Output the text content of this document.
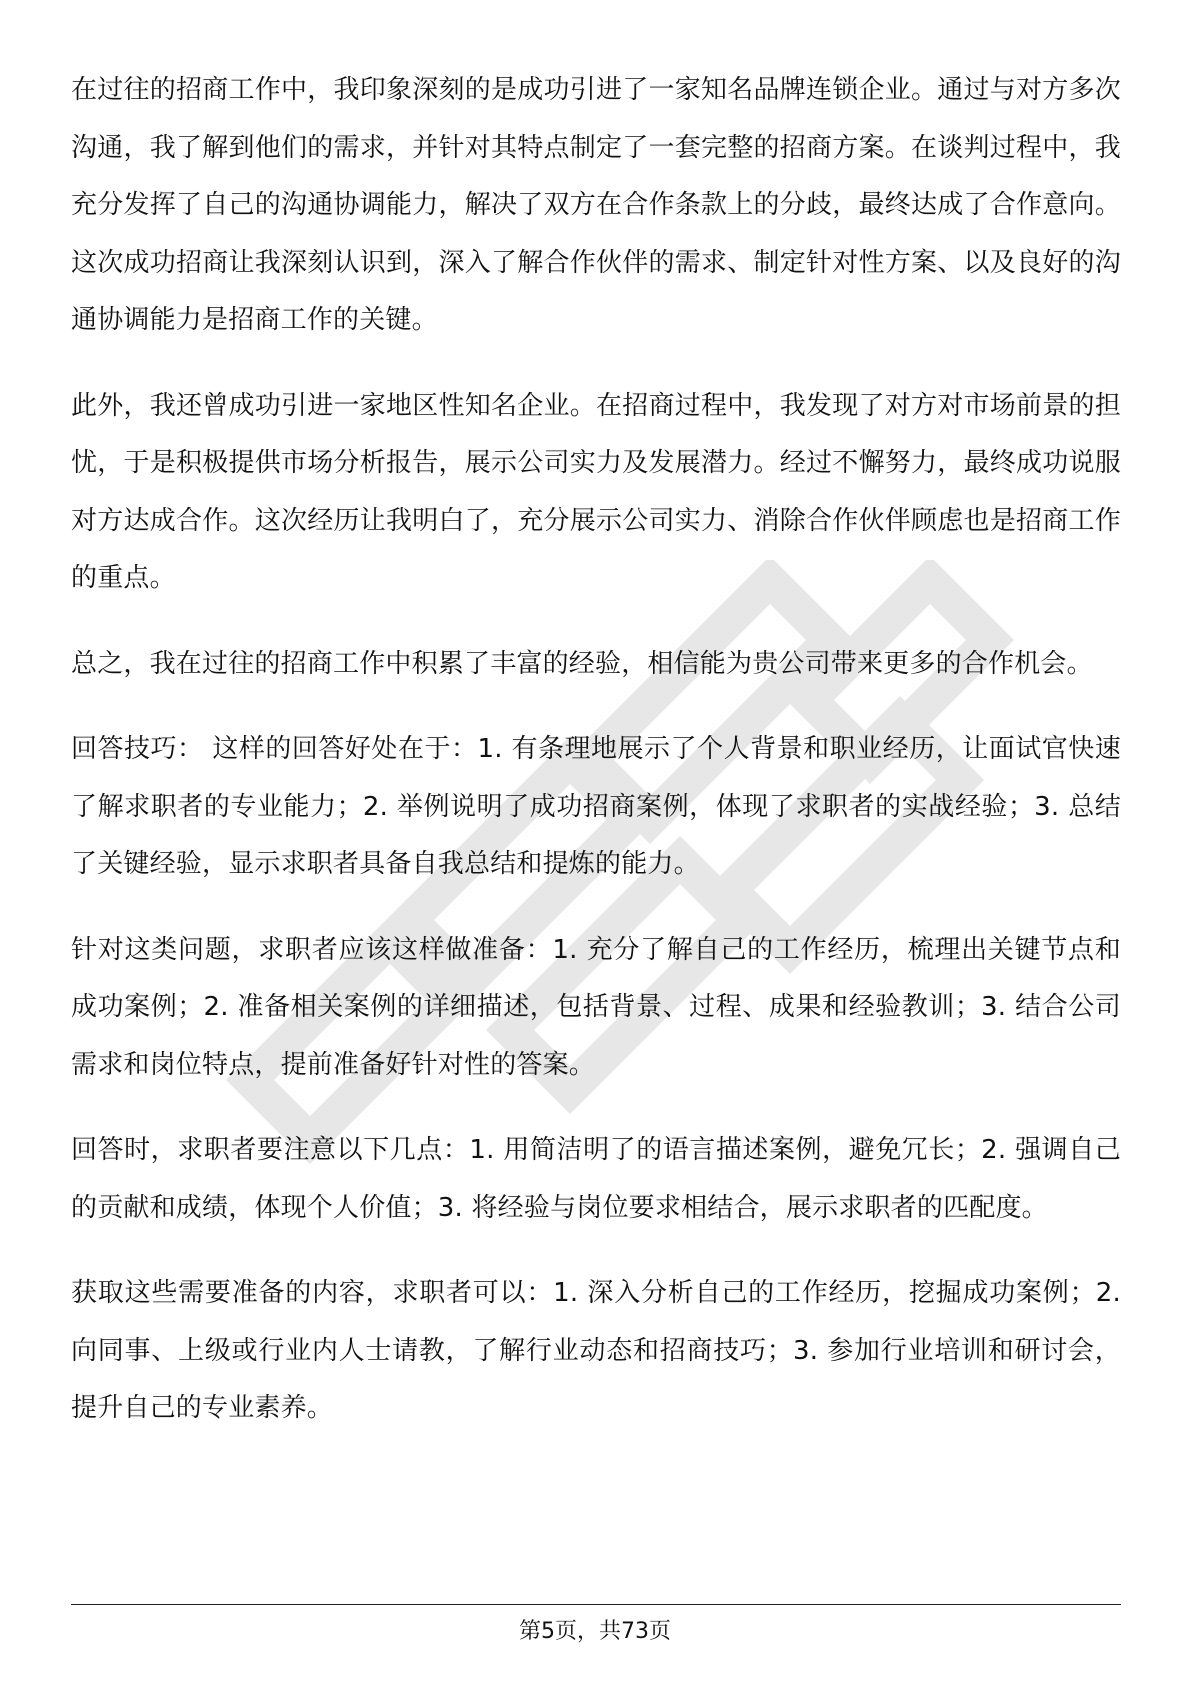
在过往的招商工作中，我印象深刻的是成功引进了一家知名品牌连锁企业。通过与对方多次沟通，我了解到他们的需求，并针对其特点制定了一套完整的招商方案。在谈判过程中，我充分发挥了自己的沟通协调能力，解决了双方在合作条款上的分歧，最终达成了合作意向。这次成功招商让我深刻认识到，深入了解合作伙伴的需求、制定针对性方案、以及良好的沟通协调能力是招商工作的关键。

此外，我还曾成功引进一家地区性知名企业。在招商过程中，我发现了对方对市场前景的担忧，于是积极提供市场分析报告，展示公司实力及发展潜力。经过不懈努力，最终成功说服对方达成合作。这次经历让我明白了，充分展示公司实力、消除合作伙伴顾虑也是招商工作的重点。

总之，我在过往的招商工作中积累了丰富的经验，相信能为贵公司带来更多的合作机会。

回答技巧： 这样的回答好处在于：1. 有条理地展示了个人背景和职业经历，让面试官快速了解求职者的专业能力；2. 举例说明了成功招商案例，体现了求职者的实战经验；3. 总结了关键经验，显示求职者具备自我总结和提炼的能力。

针对这类问题，求职者应该这样做准备：1. 充分了解自己的工作经历，梳理出关键节点和成功案例；2. 准备相关案例的详细描述，包括背景、过程、成果和经验教训；3. 结合公司需求和岗位特点，提前准备好针对性的答案。

回答时，求职者要注意以下几点：1. 用简洁明了的语言描述案例，避免冗长；2. 强调自己的贡献和成绩，体现个人价值；3. 将经验与岗位要求相结合，展示求职者的匹配度。

获取这些需要准备的内容，求职者可以：1. 深入分析自己的工作经历，挖掘成功案例；2. 向同事、上级或行业内人士请教，了解行业动态和招商技巧；3. 参加行业培训和研讨会，提升自己的专业素养。

第5页，共73页
